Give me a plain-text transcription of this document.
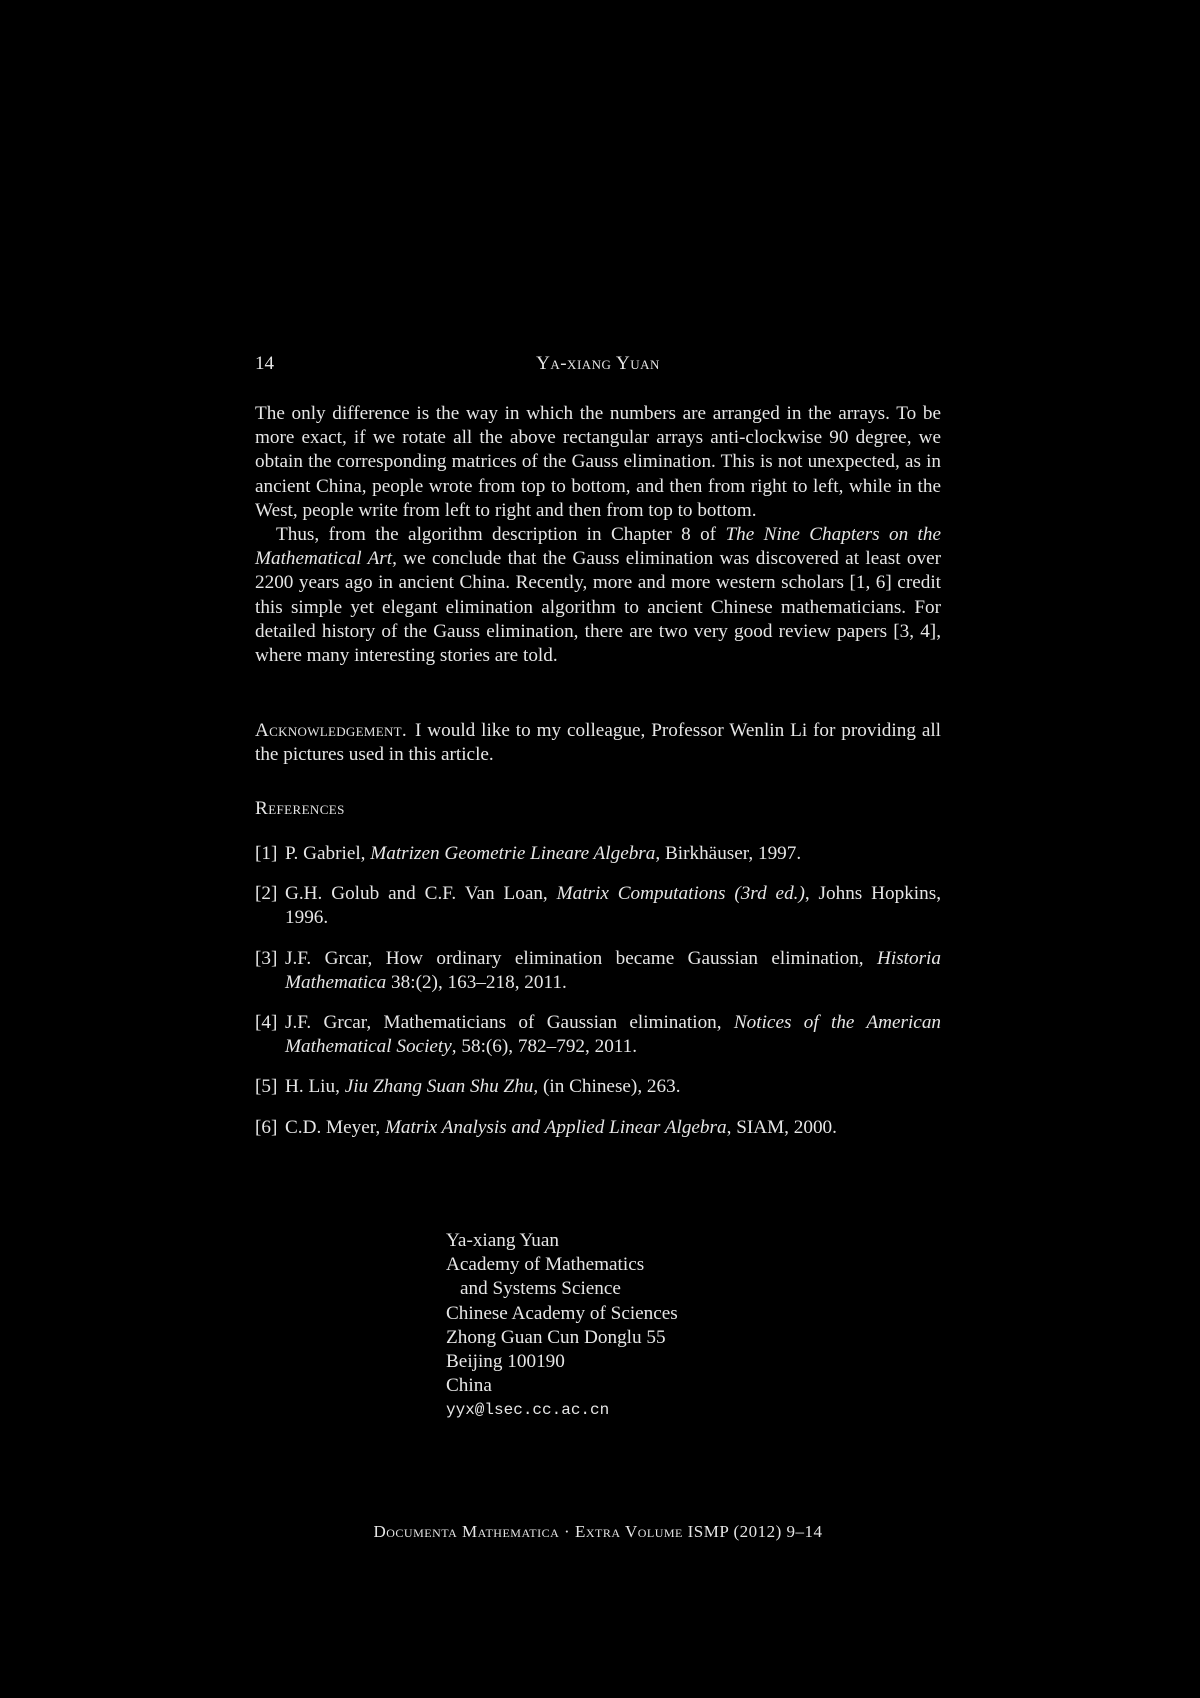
14	Ya-xiang Yuan

The only difference is the way in which the numbers are arranged in the arrays. To be more exact, if we rotate all the above rectangular arrays anti-clockwise 90 degree, we obtain the corresponding matrices of the Gauss elimination. This is not unexpected, as in ancient China, people wrote from top to bottom, and then from right to left, while in the West, people write from left to right and then from top to bottom.

Thus, from the algorithm description in Chapter 8 of The Nine Chapters on the Mathematical Art, we conclude that the Gauss elimination was discovered at least over 2200 years ago in ancient China. Recently, more and more western scholars [1, 6] credit this simple yet elegant elimination algorithm to ancient Chinese mathematicians. For detailed history of the Gauss elimination, there are two very good review papers [3, 4], where many interesting stories are told.

Acknowledgement. I would like to my colleague, Professor Wenlin Li for providing all the pictures used in this article.
References
[1] P. Gabriel, Matrizen Geometrie Lineare Algebra, Birkhäuser, 1997.
[2] G.H. Golub and C.F. Van Loan, Matrix Computations (3rd ed.), Johns Hopkins, 1996.
[3] J.F. Grcar, How ordinary elimination became Gaussian elimination, Historia Mathematica 38:(2), 163–218, 2011.
[4] J.F. Grcar, Mathematicians of Gaussian elimination, Notices of the American Mathematical Society, 58:(6), 782–792, 2011.
[5] H. Liu, Jiu Zhang Suan Shu Zhu, (in Chinese), 263.
[6] C.D. Meyer, Matrix Analysis and Applied Linear Algebra, SIAM, 2000.
Ya-xiang Yuan
Academy of Mathematics
and Systems Science
Chinese Academy of Sciences
Zhong Guan Cun Donglu 55
Beijing 100190
China
yyx@lsec.cc.ac.cn
Documenta Mathematica · Extra Volume ISMP (2012) 9–14
